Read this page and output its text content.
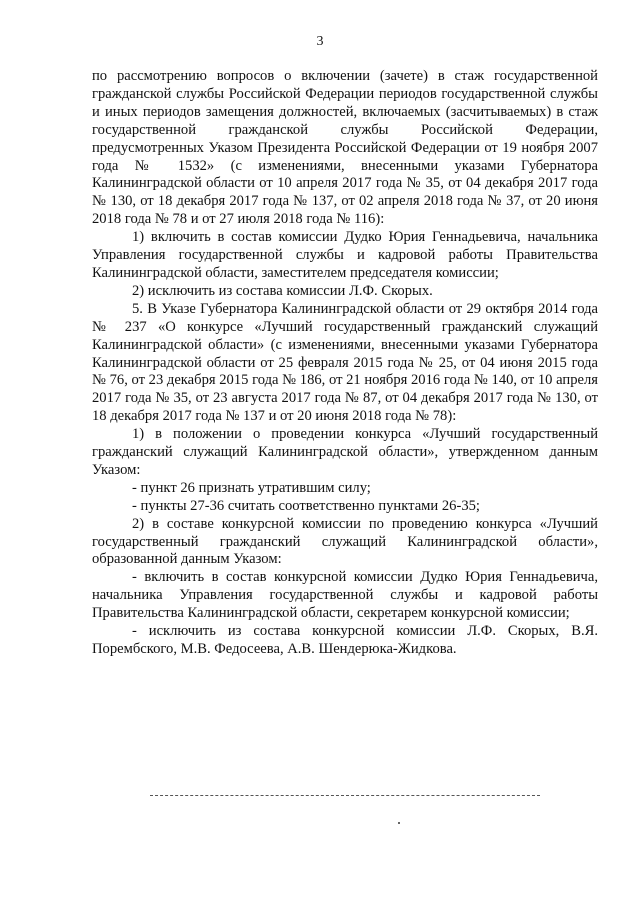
3

по рассмотрению вопросов о включении (зачете) в стаж государственной гражданской службы Российской Федерации периодов государственной службы и иных периодов замещения должностей, включаемых (засчитываемых) в стаж государственной гражданской службы Российской Федерации, предусмотренных Указом Президента Российской Федерации от 19 ноября 2007 года № 1532» (с изменениями, внесенными указами Губернатора Калининградской области от 10 апреля 2017 года № 35, от 04 декабря 2017 года № 130, от 18 декабря 2017 года № 137, от 02 апреля 2018 года № 37, от 20 июня 2018 года № 78 и от 27 июля 2018 года № 116):

1) включить в состав комиссии Дудко Юрия Геннадьевича, начальника Управления государственной службы и кадровой работы Правительства Калининградской области, заместителем председателя комиссии;

2) исключить из состава комиссии Л.Ф. Скорых.

5. В Указе Губернатора Калининградской области от 29 октября 2014 года № 237 «О конкурсе «Лучший государственный гражданский служащий Калининградской области» (с изменениями, внесенными указами Губернатора Калининградской области от 25 февраля 2015 года № 25, от 04 июня 2015 года № 76, от 23 декабря 2015 года № 186, от 21 ноября 2016 года № 140, от 10 апреля 2017 года № 35, от 23 августа 2017 года № 87, от 04 декабря 2017 года № 130, от 18 декабря 2017 года № 137 и от 20 июня 2018 года № 78):

1) в положении о проведении конкурса «Лучший государственный гражданский служащий Калининградской области», утвержденном данным Указом:

- пункт 26 признать утратившим силу;

- пункты 27-36 считать соответственно пунктами 26-35;

2) в составе конкурсной комиссии по проведению конкурса «Лучший государственный гражданский служащий Калининградской области», образованной данным Указом:

- включить в состав конкурсной комиссии Дудко Юрия Геннадьевича, начальника Управления государственной службы и кадровой работы Правительства Калининградской области, секретарем конкурсной комиссии;

- исключить из состава конкурсной комиссии Л.Ф. Скорых, В.Я. Порембского, М.В. Федосеева, А.В. Шендерюка-Жидкова.
